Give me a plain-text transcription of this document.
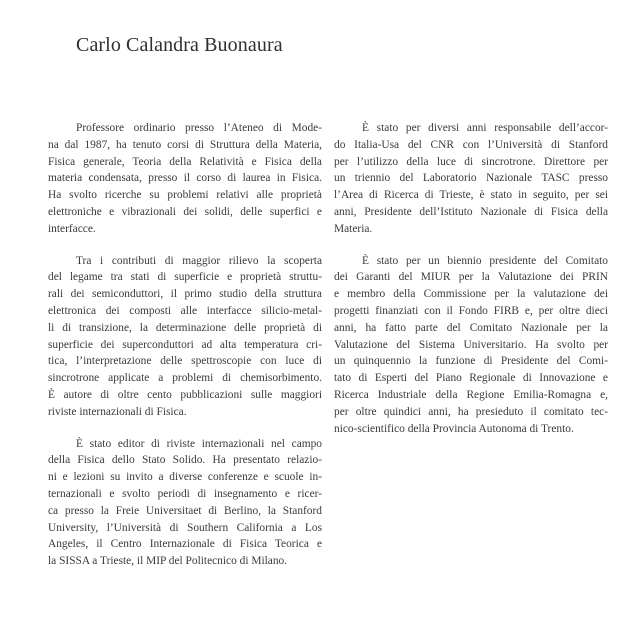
Carlo Calandra Buonaura
Professore ordinario presso l’Ateneo di Mode-
na dal 1987, ha tenuto corsi di Struttura della Materia,
Fisica generale, Teoria della Relatività e Fisica della
materia condensata, presso il corso di laurea in Fisica.
Ha svolto ricerche su problemi relativi alle proprietà
elettroniche e vibrazionali dei solidi, delle superfici e
interfacce.
Tra i contributi di maggior rilievo la scoperta
del legame tra stati di superficie e proprietà struttu-
rali dei semiconduttori, il primo studio della struttura
elettronica dei composti alle interfacce silicio-metal-
li di transizione, la determinazione delle proprietà di
superficie dei superconduttori ad alta temperatura cri-
tica, l’interpretazione delle spettroscopie con luce di
sincrotrone applicate a problemi di chemisorbimento.
È autore di oltre cento pubblicazioni sulle maggiori
riviste internazionali di Fisica.
È stato editor di riviste internazionali nel campo
della Fisica dello Stato Solido. Ha presentato relazio-
ni e lezioni su invito a diverse conferenze e scuole in-
ternazionali e svolto periodi di insegnamento e ricer-
ca presso la Freie Universitaet di Berlino, la Stanford
University, l’Università di Southern California a Los
Angeles, il Centro Internazionale di Fisica Teorica e
la SISSA a Trieste, il MIP del Politecnico di Milano.
È stato per diversi anni responsabile dell’accor-
do Italia-Usa del CNR con l’Università di Stanford
per l’utilizzo della luce di sincrotrone. Direttore per
un triennio del Laboratorio Nazionale TASC presso
l’Area di Ricerca di Trieste, è stato in seguito, per sei
anni, Presidente dell’Istituto Nazionale di Fisica della
Materia.
È stato per un biennio presidente del Comitato
dei Garanti del MIUR per la Valutazione dei PRIN
e membro della Commissione per la valutazione dei
progetti finanziati con il Fondo FIRB e, per oltre dieci
anni, ha fatto parte del Comitato Nazionale per la
Valutazione del Sistema Universitario. Ha svolto per
un quinquennio la funzione di Presidente del Comi-
tato di Esperti del Piano Regionale di Innovazione e
Ricerca Industriale della Regione Emilia-Romagna e,
per oltre quindici anni, ha presieduto il comitato tec-
nico-scientifico della Provincia Autonoma di Trento.
